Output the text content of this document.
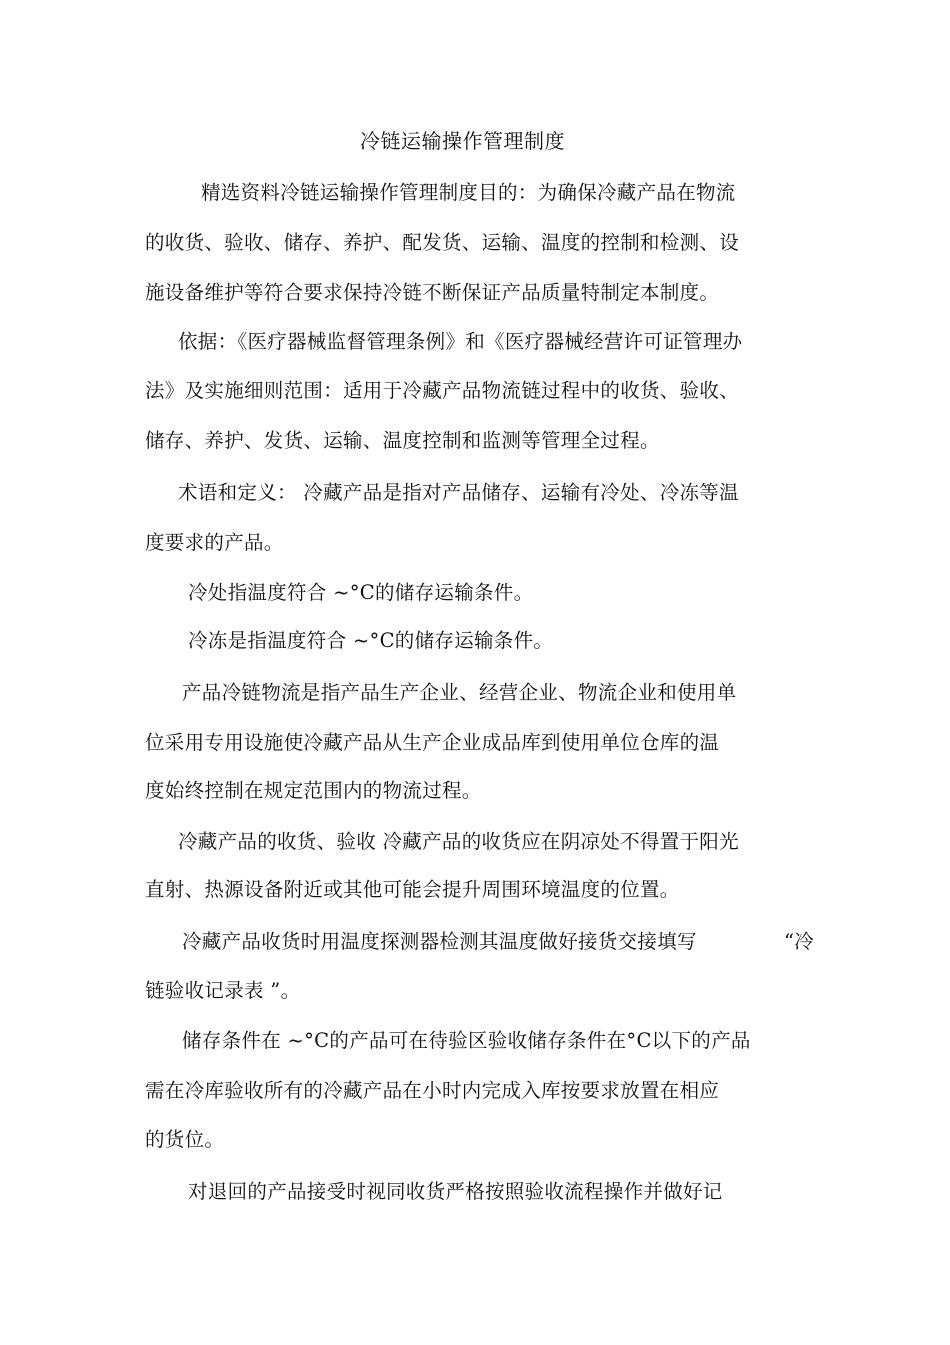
冷链运输操作管理制度
精选资料冷链运输操作管理制度目的：为确保冷藏产品在物流
的收货、验收、储存、养护、配发货、运输、温度的控制和检测、设
施设备维护等符合要求保持冷链不断保证产品质量特制定本制度。
依据：《医疗器械监督管理条例》和《医疗器械经营许可证管理办
法》及实施细则范围：适用于冷藏产品物流链过程中的收货、验收、
储存、养护、发货、运输、温度控制和监测等管理全过程。
术语和定义： 冷藏产品是指对产品储存、运输有冷处、冷冻等温
度要求的产品。
冷处指温度符合 ~°C的储存运输条件。
冷冻是指温度符合 ~°C的储存运输条件。
产品冷链物流是指产品生产企业、经营企业、物流企业和使用单
位采用专用设施使冷藏产品从生产企业成品库到使用单位仓库的温
度始终控制在规定范围内的物流过程。
冷藏产品的收货、验收 冷藏产品的收货应在阴凉处不得置于阳光
直射、热源设备附近或其他可能会提升周围环境温度的位置。
冷藏产品收货时用温度探测器检测其温度做好接货交接填写	“冷
链验收记录表 ”。
储存条件在 ~°C的产品可在待验区验收储存条件在°C以下的产品
需在冷库验收所有的冷藏产品在小时内完成入库按要求放置在相应
的货位。
对退回的产品接受时视同收货严格按照验收流程操作并做好记
